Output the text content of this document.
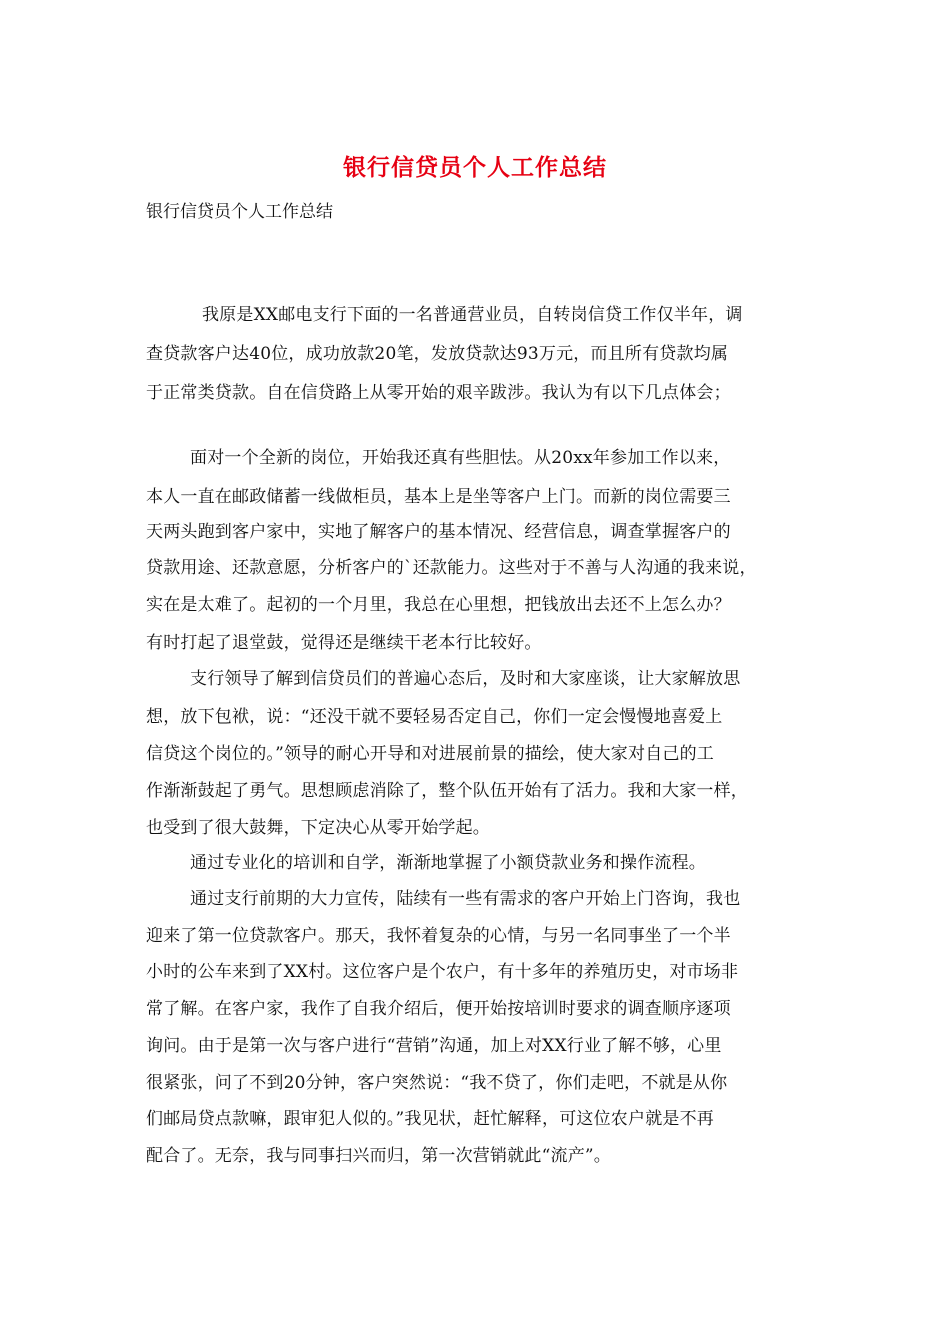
银行信贷员个人工作总结

银行信贷员个人工作总结

我原是XX邮电支行下面的一名普通营业员，自转岗信贷工作仅半年，调

查贷款客户达40位，成功放款20笔，发放贷款达93万元，而且所有贷款均属

于正常类贷款。自在信贷路上从零开始的艰辛跋涉。我认为有以下几点体会；

面对一个全新的岗位，开始我还真有些胆怯。从20xx年参加工作以来，

本人一直在邮政储蓄一线做柜员，基本上是坐等客户上门。而新的岗位需要三

天两头跑到客户家中，实地了解客户的基本情况、经营信息，调查掌握客户的

贷款用途、还款意愿，分析客户的`还款能力。这些对于不善与人沟通的我来说，

实在是太难了。起初的一个月里，我总在心里想，把钱放出去还不上怎么办？

有时打起了退堂鼓，觉得还是继续干老本行比较好。

支行领导了解到信贷员们的普遍心态后，及时和大家座谈，让大家解放思

想，放下包袱，说：“还没干就不要轻易否定自己，你们一定会慢慢地喜爱上

信贷这个岗位的。”领导的耐心开导和对进展前景的描绘，使大家对自己的工

作渐渐鼓起了勇气。思想顾虑消除了，整个队伍开始有了活力。我和大家一样，

也受到了很大鼓舞，下定决心从零开始学起。

通过专业化的培训和自学，渐渐地掌握了小额贷款业务和操作流程。

通过支行前期的大力宣传，陆续有一些有需求的客户开始上门咨询，我也

迎来了第一位贷款客户。那天，我怀着复杂的心情，与另一名同事坐了一个半

小时的公车来到了XX村。这位客户是个农户，有十多年的养殖历史，对市场非

常了解。在客户家，我作了自我介绍后，便开始按培训时要求的调查顺序逐项

询问。由于是第一次与客户进行“营销”沟通，加上对XX行业了解不够，心里

很紧张，问了不到20分钟，客户突然说：“我不贷了，你们走吧，不就是从你

们邮局贷点款嘛，跟审犯人似的。”我见状，赶忙解释，可这位农户就是不再

配合了。无奈，我与同事扫兴而归，第一次营销就此“流产”。
